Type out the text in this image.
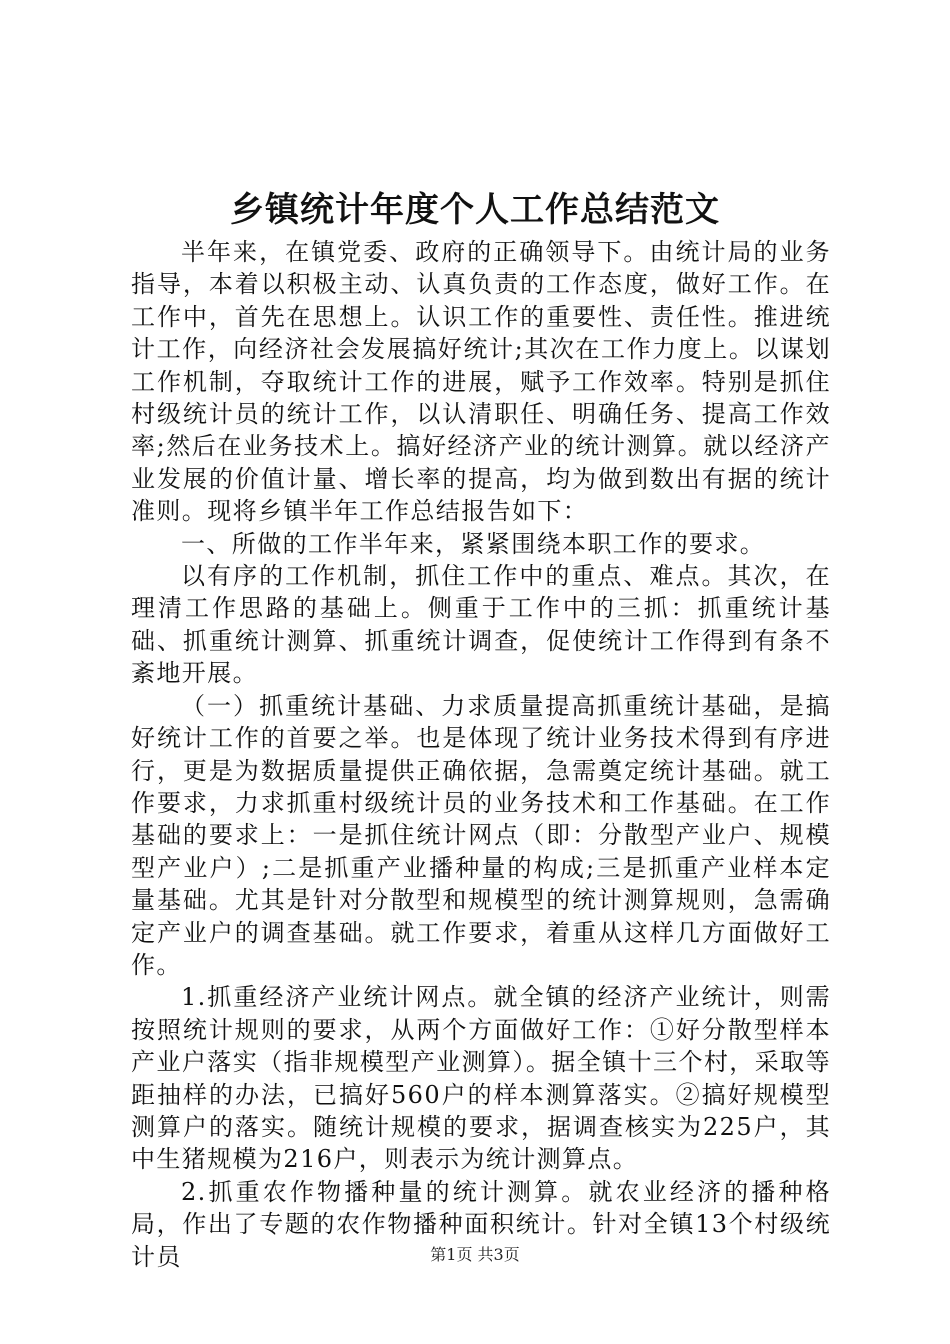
乡镇统计年度个人工作总结范文

半年来，在镇党委、政府的正确领导下。由统计局的业务指导，本着以积极主动、认真负责的工作态度，做好工作。在工作中，首先在思想上。认识工作的重要性、责任性。推进统计工作，向经济社会发展搞好统计;其次在工作力度上。以谋划工作机制，夺取统计工作的进展，赋予工作效率。特别是抓住村级统计员的统计工作，以认清职任、明确任务、提高工作效率;然后在业务技术上。搞好经济产业的统计测算。就以经济产业发展的价值计量、增长率的提高，均为做到数出有据的统计准则。现将乡镇半年工作总结报告如下：

一、所做的工作半年来，紧紧围绕本职工作的要求。

以有序的工作机制，抓住工作中的重点、难点。其次，在理清工作思路的基础上。侧重于工作中的三抓：抓重统计基础、抓重统计测算、抓重统计调查，促使统计工作得到有条不紊地开展。

（一）抓重统计基础、力求质量提高抓重统计基础，是搞好统计工作的首要之举。也是体现了统计业务技术得到有序进行，更是为数据质量提供正确依据，急需奠定统计基础。就工作要求，力求抓重村级统计员的业务技术和工作基础。在工作基础的要求上：一是抓住统计网点（即：分散型产业户、规模型产业户）;二是抓重产业播种量的构成;三是抓重产业样本定量基础。尤其是针对分散型和规模型的统计测算规则，急需确定产业户的调查基础。就工作要求，着重从这样几方面做好工作。

1.抓重经济产业统计网点。就全镇的经济产业统计，则需按照统计规则的要求，从两个方面做好工作：①好分散型样本产业户落实（指非规模型产业测算）。据全镇十三个村，采取等距抽样的办法，已搞好560户的样本测算落实。②搞好规模型测算户的落实。随统计规模的要求，据调查核实为225户，其中生猪规模为216户，则表示为统计测算点。

2.抓重农作物播种量的统计测算。就农业经济的播种格局，作出了专题的农作物播种面积统计。针对全镇13个村级统计员	第1页 共3页
